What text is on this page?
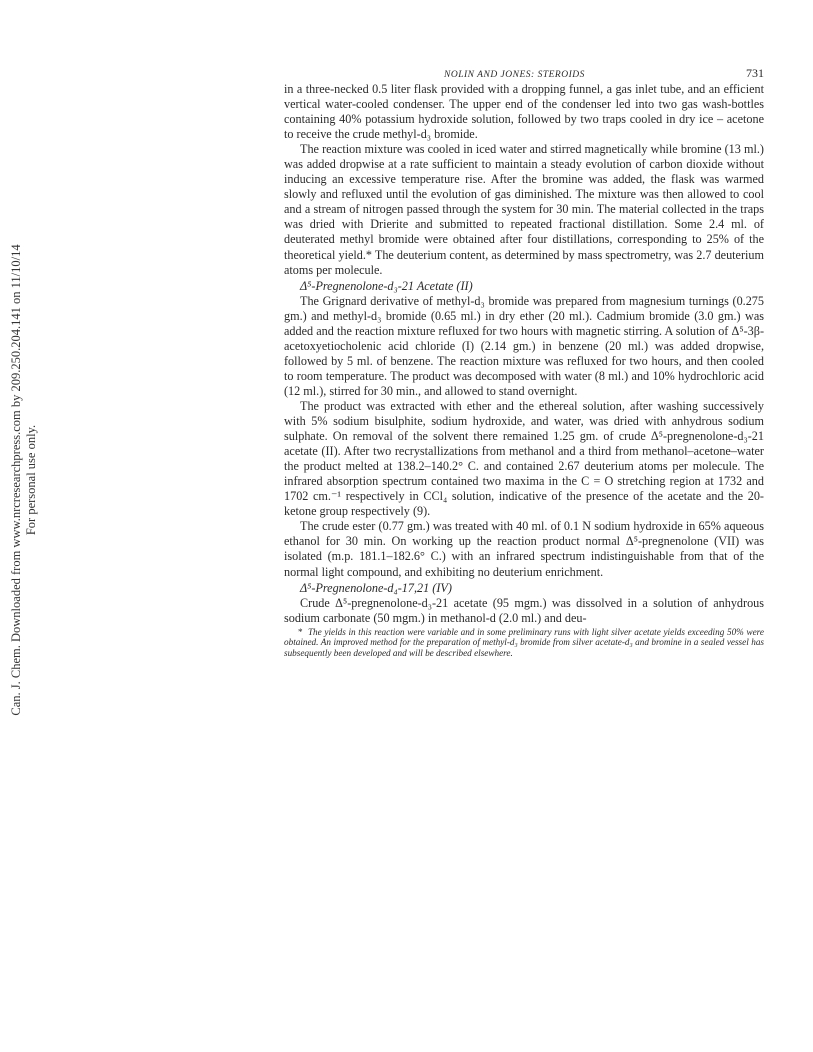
Can. J. Chem. Downloaded from www.nrcresearchpress.com by 209.250.204.141 on 11/10/14 For personal use only.
NOLIN AND JONES: STEROIDS	731

in a three-necked 0.5 liter flask provided with a dropping funnel, a gas inlet tube, and an efficient vertical water-cooled condenser. The upper end of the condenser led into two gas wash-bottles containing 40% potassium hydroxide solution, followed by two traps cooled in dry ice – acetone to receive the crude methyl-d₃ bromide.

The reaction mixture was cooled in iced water and stirred magnetically while bromine (13 ml.) was added dropwise at a rate sufficient to maintain a steady evolution of carbon dioxide without inducing an excessive temperature rise. After the bromine was added, the flask was warmed slowly and refluxed until the evolution of gas diminished. The mixture was then allowed to cool and a stream of nitrogen passed through the system for 30 min. The material collected in the traps was dried with Drierite and submitted to repeated fractional distillation. Some 2.4 ml. of deuterated methyl bromide were obtained after four distillations, corresponding to 25% of the theoretical yield.* The deuterium content, as determined by mass spectrometry, was 2.7 deuterium atoms per molecule.

Δ⁵-Pregnenolone-d₃-21 Acetate (II)

The Grignard derivative of methyl-d₃ bromide was prepared from magnesium turnings (0.275 gm.) and methyl-d₃ bromide (0.65 ml.) in dry ether (20 ml.). Cadmium bromide (3.0 gm.) was added and the reaction mixture refluxed for two hours with magnetic stirring. A solution of Δ⁵-3β-acetoxyetiocholenic acid chloride (I) (2.14 gm.) in benzene (20 ml.) was added dropwise, followed by 5 ml. of benzene. The reaction mixture was refluxed for two hours, and then cooled to room temperature. The product was decomposed with water (8 ml.) and 10% hydrochloric acid (12 ml.), stirred for 30 min., and allowed to stand overnight.

The product was extracted with ether and the ethereal solution, after washing successively with 5% sodium bisulphite, sodium hydroxide, and water, was dried with anhydrous sodium sulphate. On removal of the solvent there remained 1.25 gm. of crude Δ⁵-pregnenolone-d₃-21 acetate (II). After two recrystallizations from methanol and a third from methanol–acetone–water the product melted at 138.2–140.2° C. and contained 2.67 deuterium atoms per molecule. The infrared absorption spectrum contained two maxima in the C = O stretching region at 1732 and 1702 cm.⁻¹ respectively in CCl₄ solution, indicative of the presence of the acetate and the 20-ketone group respectively (9).

The crude ester (0.77 gm.) was treated with 40 ml. of 0.1 N sodium hydroxide in 65% aqueous ethanol for 30 min. On working up the reaction product normal Δ⁵-pregnenolone (VII) was isolated (m.p. 181.1–182.6° C.) with an infrared spectrum indistinguishable from that of the normal light compound, and exhibiting no deuterium enrichment.

Δ⁵-Pregnenolone-d₄-17,21 (IV)

Crude Δ⁵-pregnenolone-d₃-21 acetate (95 mgm.) was dissolved in a solution of anhydrous sodium carbonate (50 mgm.) in methanol-d (2.0 ml.) and deu-

* The yields in this reaction were variable and in some preliminary runs with light silver acetate yields exceeding 50% were obtained. An improved method for the preparation of methyl-d₃ bromide from silver acetate-d₃ and bromine in a sealed vessel has subsequently been developed and will be described elsewhere.
